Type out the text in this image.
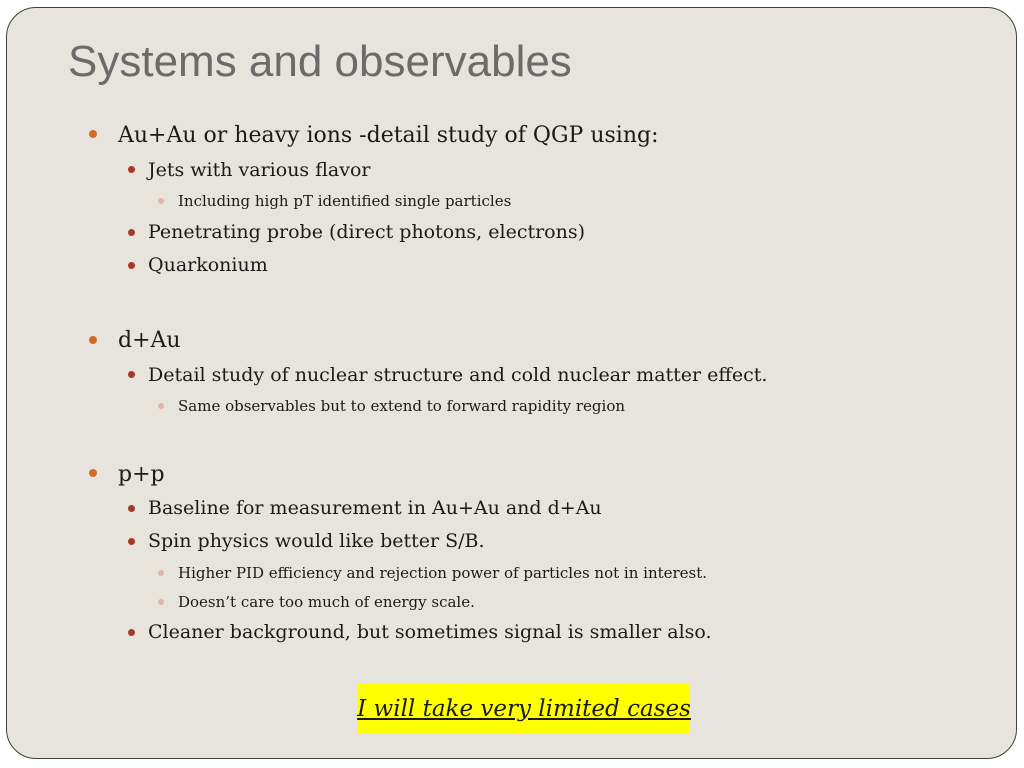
Systems and observables
Au+Au or heavy ions -detail study of QGP using:
Jets with various flavor
Including high pT identified single particles
Penetrating probe (direct photons, electrons)
Quarkonium
d+Au
Detail study of nuclear structure and cold nuclear matter effect.
Same observables but to extend to forward rapidity region
p+p
Baseline for measurement in Au+Au and d+Au
Spin physics would like better S/B.
Higher PID efficiency and rejection power of particles not in interest.
Doesn’t care too much of energy scale.
Cleaner background, but sometimes signal is smaller also.
I will take very limited cases
